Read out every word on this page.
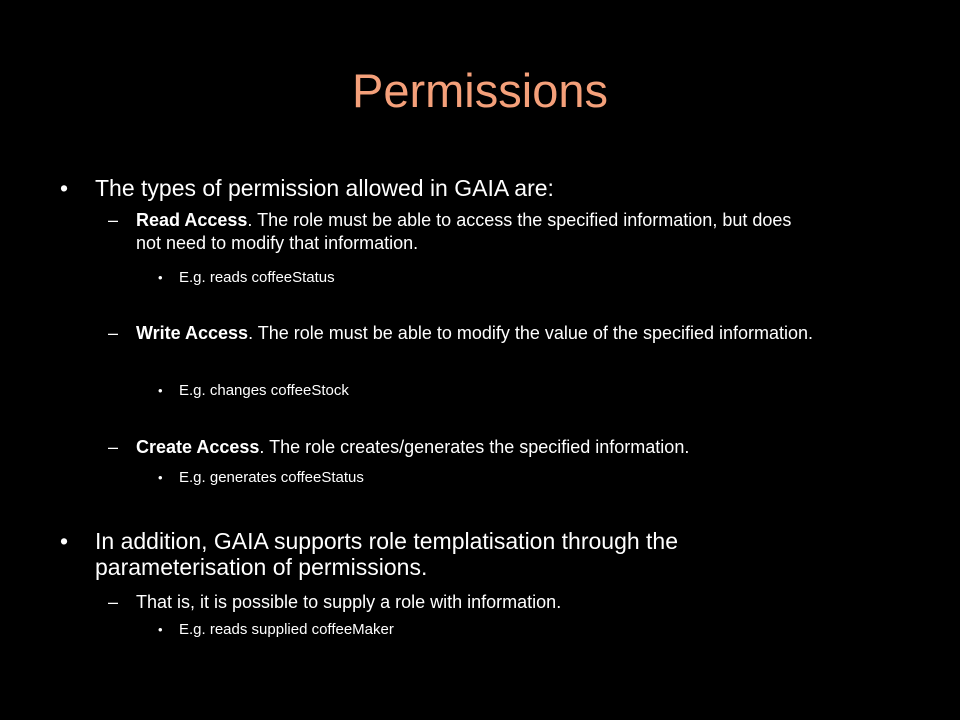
Permissions
• The types of permission allowed in GAIA are:
– Read Access. The role must be able to access the specified information, but does not need to modify that information.
• E.g. reads coffeeStatus
– Write Access. The role must be able to modify the value of the specified information.
• E.g. changes coffeeStock
– Create Access. The role creates/generates the specified information.
• E.g. generates coffeeStatus
• In addition, GAIA supports role templatisation through the parameterisation of permissions.
– That is, it is possible to supply a role with information.
• E.g. reads supplied coffeeMaker
